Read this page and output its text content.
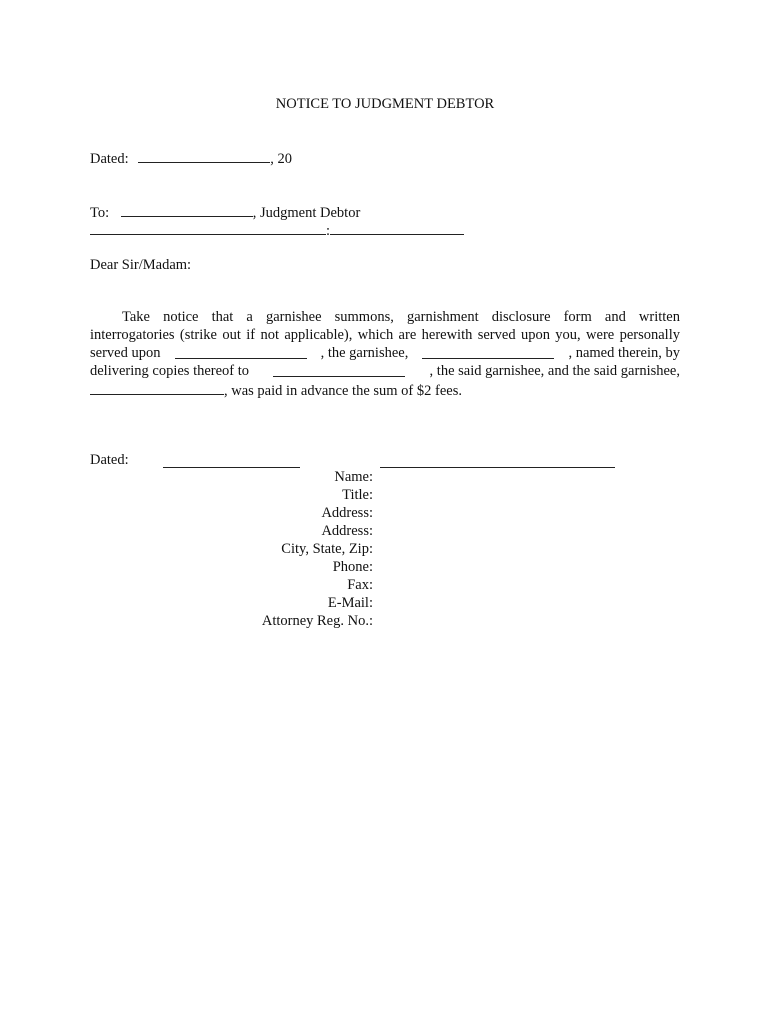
NOTICE TO JUDGMENT DEBTOR
Dated:	, 20
To:	, Judgment Debtor
:
Dear Sir/Madam:
Take notice that a garnishee summons, garnishment disclosure form and written
interrogatories (strike out if not applicable), which are herewith served upon you, were personally
served upon	, the garnishee,	, named therein, by
delivering copies thereof to	, the said garnishee, and the said garnishee,
, was paid in advance the sum of $2 fees.
Dated:
Name:
Title:
Address:
Address:
City, State, Zip:
Phone:
Fax:
E-Mail:
Attorney Reg. No.:
